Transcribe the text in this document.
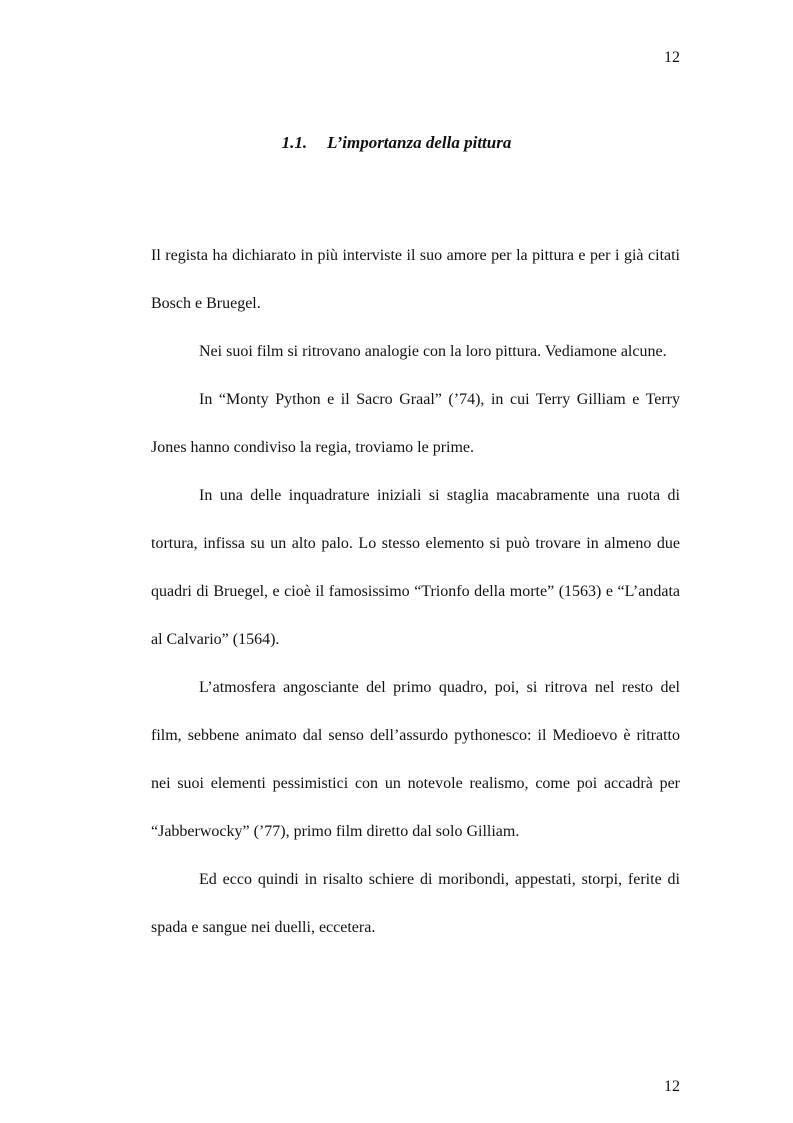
12
1.1. L’importanza della pittura

Il regista ha dichiarato in più interviste il suo amore per la pittura e per i già citati Bosch e Bruegel.

Nei suoi film si ritrovano analogie con la loro pittura. Vediamone alcune.

In “Monty Python e il Sacro Graal” (’74), in cui Terry Gilliam e Terry Jones hanno condiviso la regia, troviamo le prime.

In una delle inquadrature iniziali si staglia macabramente una ruota di tortura, infissa su un alto palo. Lo stesso elemento si può trovare in almeno due quadri di Bruegel, e cioè il famosissimo “Trionfo della morte” (1563) e “L’andata al Calvario” (1564).

L’atmosfera angosciante del primo quadro, poi, si ritrova nel resto del film, sebbene animato dal senso dell’assurdo pythonesco: il Medioevo è ritratto nei suoi elementi pessimistici con un notevole realismo, come poi accadrà per “Jabberwocky” (’77), primo film diretto dal solo Gilliam.

Ed ecco quindi in risalto schiere di moribondi, appestati, storpi, ferite di spada e sangue nei duelli, eccetera.

12
